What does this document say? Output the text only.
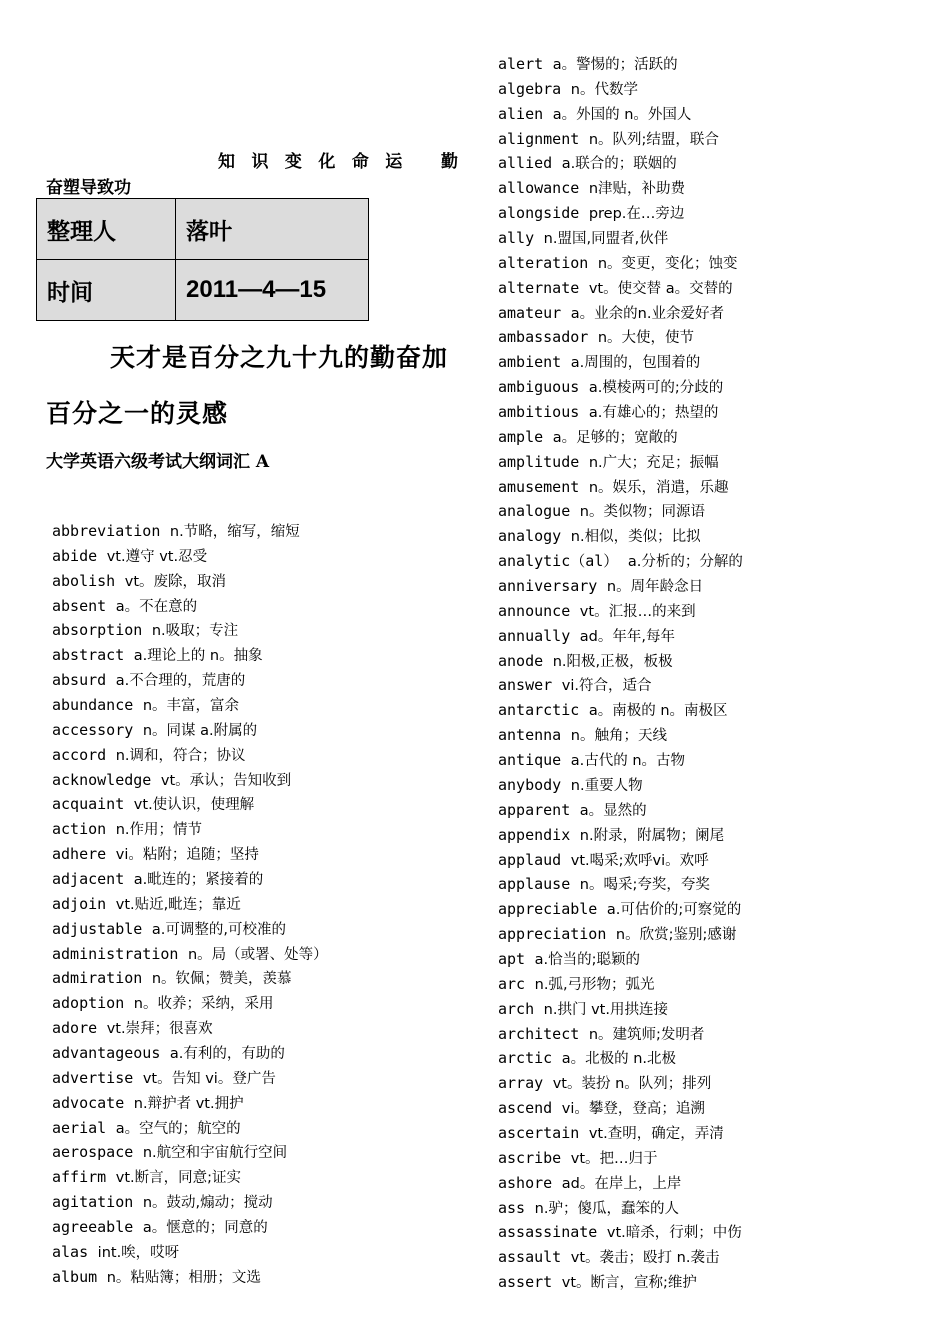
知识变化命运 勤
奋塑导致功
整理人	落叶
时间	2011—4—15
天才是百分之九十九的勤奋加百分之一的灵感
大学英语六级考试大纲词汇 A
abbreviation n.节略，缩写，缩短
abide vt.遵守 vt.忍受
abolish vt。废除，取消
absent a。不在意的
absorption n.吸取；专注
abstract a.理论上的 n。抽象
absurd a.不合理的，荒唐的
abundance n。丰富，富余
accessory n。同谋 a.附属的
accord n.调和，符合；协议
acknowledge vt。承认；告知收到
acquaint vt.使认识，使理解
action n.作用；情节
adhere vi。粘附；追随；坚持
adjacent a.毗连的；紧接着的
adjoin vt.贴近,毗连；靠近
adjustable a.可调整的,可校准的
administration n。局（或署、处等）
admiration n。钦佩；赞美，羡慕
adoption n。收养；采纳，采用
adore vt.崇拜；很喜欢
advantageous a.有利的，有助的
advertise vt。告知 vi。登广告
advocate n.辩护者 vt.拥护
aerial a。空气的；航空的
aerospace n.航空和宇宙航行空间
affirm vt.断言，同意;证实
agitation n。鼓动,煽动；搅动
agreeable a。惬意的；同意的
alas int.唉，哎呀
album n。粘贴簿；相册；文选
alert a。警惕的；活跃的
algebra n。代数学
alien a。外国的 n。外国人
alignment n。队列;结盟，联合
allied a.联合的；联姻的
allowance n津贴，补助费
alongside prep.在…旁边
ally n.盟国,同盟者,伙伴
alteration n。变更，变化；蚀变
alternate vt。使交替 a。交替的
amateur a。业余的n.业余爱好者
ambassador n。大使，使节
ambient a.周围的，包围着的
ambiguous a.模棱两可的;分歧的
ambitious a.有雄心的；热望的
ample a。足够的；宽敞的
amplitude n.广大；充足；振幅
amusement n。娱乐，消遣，乐趣
analogue n。类似物；同源语
analogy n.相似，类似；比拟
analytic（al） a.分析的；分解的
anniversary n。周年龄念日
announce vt。汇报…的来到
annually ad。年年,每年
anode n.阳极,正极，板极
answer vi.符合，适合
antarctic a。南极的 n。南极区
antenna n。触角；天线
antique a.古代的 n。古物
anybody n.重要人物
apparent a。显然的
appendix n.附录，附属物；阑尾
applaud vt.喝采;欢呼vi。欢呼
applause n。喝采;夸奖，夸奖
appreciable a.可估价的;可察觉的
appreciation n。欣赏;鉴别;感谢
apt a.恰当的;聪颖的
arc n.弧,弓形物；弧光
arch n.拱门 vt.用拱连接
architect n。建筑师;发明者
arctic a。北极的 n.北极
array vt。装扮 n。队列；排列
ascend vi。攀登，登高；追溯
ascertain vt.查明，确定，弄清
ascribe vt。把…归于
ashore ad。在岸上，上岸
ass n.驴；傻瓜，蠢笨的人
assassinate vt.暗杀，行刺；中伤
assault vt。袭击；殴打 n.袭击
assert vt。断言，宣称;维护
